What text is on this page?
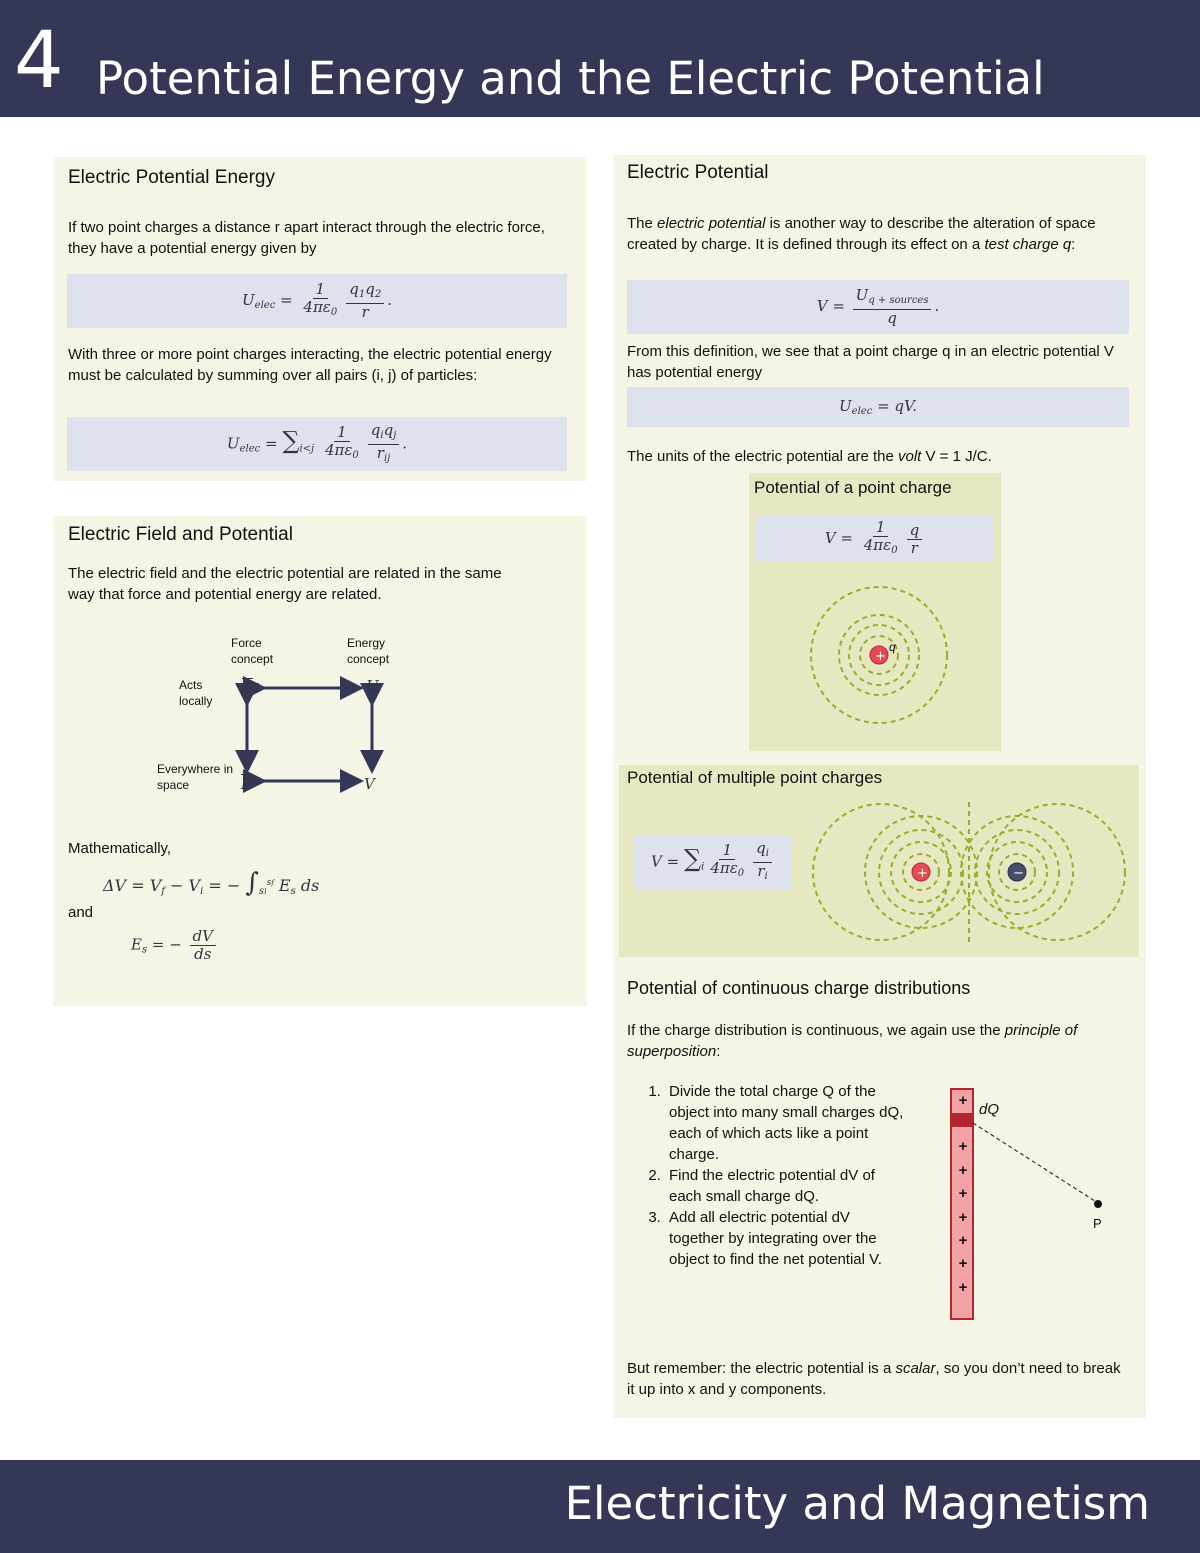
4 Potential Energy and the Electric Potential
Electricity and Magnetism
Electric Potential Energy
If two point charges a distance r apart interact through the electric force, they have a potential energy given by
$U_{elec} = \frac{1}{4\pi\varepsilon_0} \frac{q_1q_2}{r}$ .
With three or more point charges interacting, the electric potential energy must be calculated by summing over all pairs (i, j) of particles:
$U_{elec} = \sum_{i<j} \frac{1}{4\pi\varepsilon_0} \frac{q_iq_j}{r_{ij}}$ .
Electric Field and Potential
The electric field and the electric potential are related in the same way that force and potential energy are related.
Force concept
Energy concept
Acts locally
Everywhere in space
F	U
E	V
Mathematically,
$\Delta V = V_f - V_i$ = − $\int_{si}^{sf}$ $E_s$ ds
and
$E_s$ = − $\frac{dV}{ds}$
Electric Potential
The electric potential is another way to describe the alteration of space created by charge. It is defined through its effect on a test charge q:
$V = \frac{U_{q + sources}}{q}$ .
From this definition, we see that a point charge q in an electric potential V has potential energy
$U_{elec}$ = qV.
The units of the electric potential are the volt V = 1 J/C.
Potential of a point charge
$V = \frac{1}{4\pi\varepsilon_0} \frac{q}{r}$
+
q
Potential of multiple point charges
$V = \sum_i \frac{1}{4\pi\varepsilon_0} \frac{q_i}{r_i}$	+	−
Potential of continuous charge distributions
If the charge distribution is continuous, we again use the principle of superposition:
1. Divide the total charge Q of the object into many small charges dQ, each of which acts like a point charge.
2. Find the electric potential dV of each small charge dQ.
3. Add all electric potential dV together by integrating over the object to find the net potential V.
+
+
+
+
+
+
+
+
dQ
P
But remember: the electric potential is a scalar, so you don’t need to break it up into x and y components.
